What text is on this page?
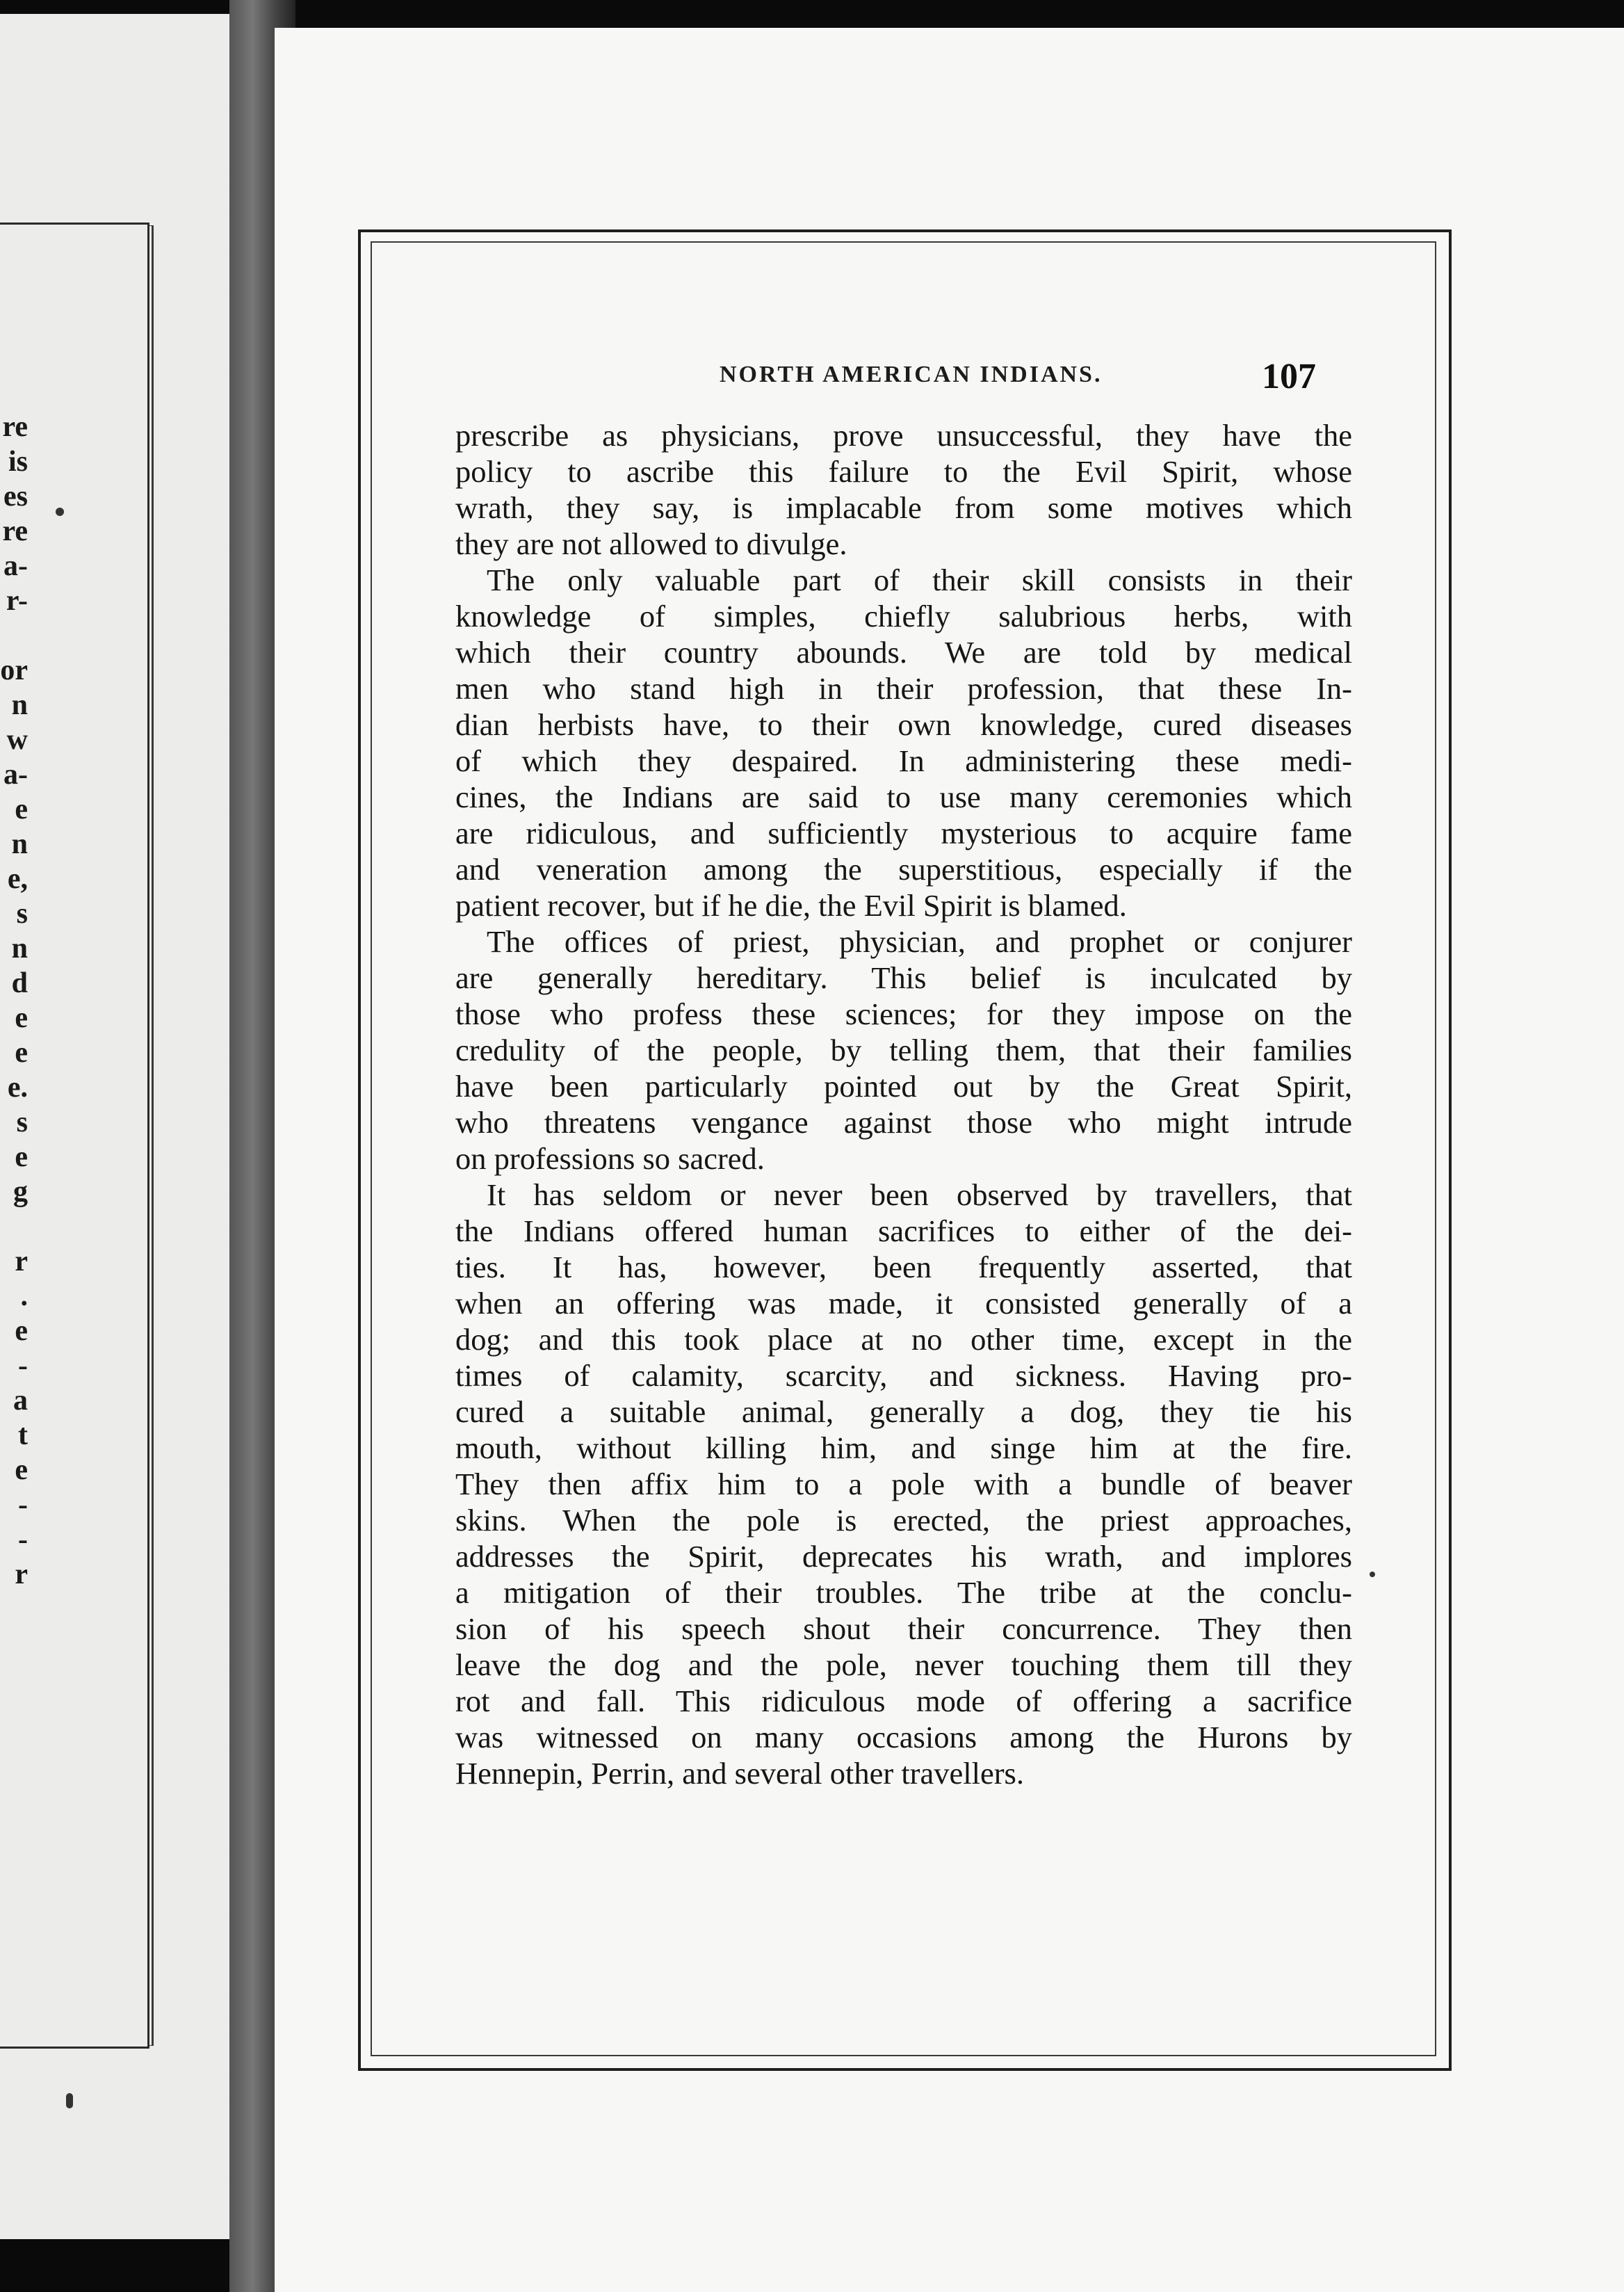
re
is
es
re
a-
r-
or
n
w
a-
e
n
e,
s
n
d
e
e
e.
s
e
g
r
.
e
-
a
t
e
-
-
r
NORTH AMERICAN INDIANS.	107
prescribe as physicians, prove unsuccessful, they have the
policy to ascribe this failure to the Evil Spirit, whose
wrath, they say, is implacable from some motives which
they are not allowed to divulge.
The only valuable part of their skill consists in their
knowledge of simples, chiefly salubrious herbs, with
which their country abounds. We are told by medical
men who stand high in their profession, that these In-
dian herbists have, to their own knowledge, cured diseases
of which they despaired. In administering these medi-
cines, the Indians are said to use many ceremonies which
are ridiculous, and sufficiently mysterious to acquire fame
and veneration among the superstitious, especially if the
patient recover, but if he die, the Evil Spirit is blamed.
The offices of priest, physician, and prophet or conjurer
are generally hereditary. This belief is inculcated by
those who profess these sciences; for they impose on the
credulity of the people, by telling them, that their families
have been particularly pointed out by the Great Spirit,
who threatens vengance against those who might intrude
on professions so sacred.
It has seldom or never been observed by travellers, that
the Indians offered human sacrifices to either of the dei-
ties. It has, however, been frequently asserted, that
when an offering was made, it consisted generally of a
dog; and this took place at no other time, except in the
times of calamity, scarcity, and sickness. Having pro-
cured a suitable animal, generally a dog, they tie his
mouth, without killing him, and singe him at the fire.
They then affix him to a pole with a bundle of beaver
skins. When the pole is erected, the priest approaches,
addresses the Spirit, deprecates his wrath, and implores
a mitigation of their troubles. The tribe at the conclu-
sion of his speech shout their concurrence. They then
leave the dog and the pole, never touching them till they
rot and fall. This ridiculous mode of offering a sacrifice
was witnessed on many occasions among the Hurons by
Hennepin, Perrin, and several other travellers.
